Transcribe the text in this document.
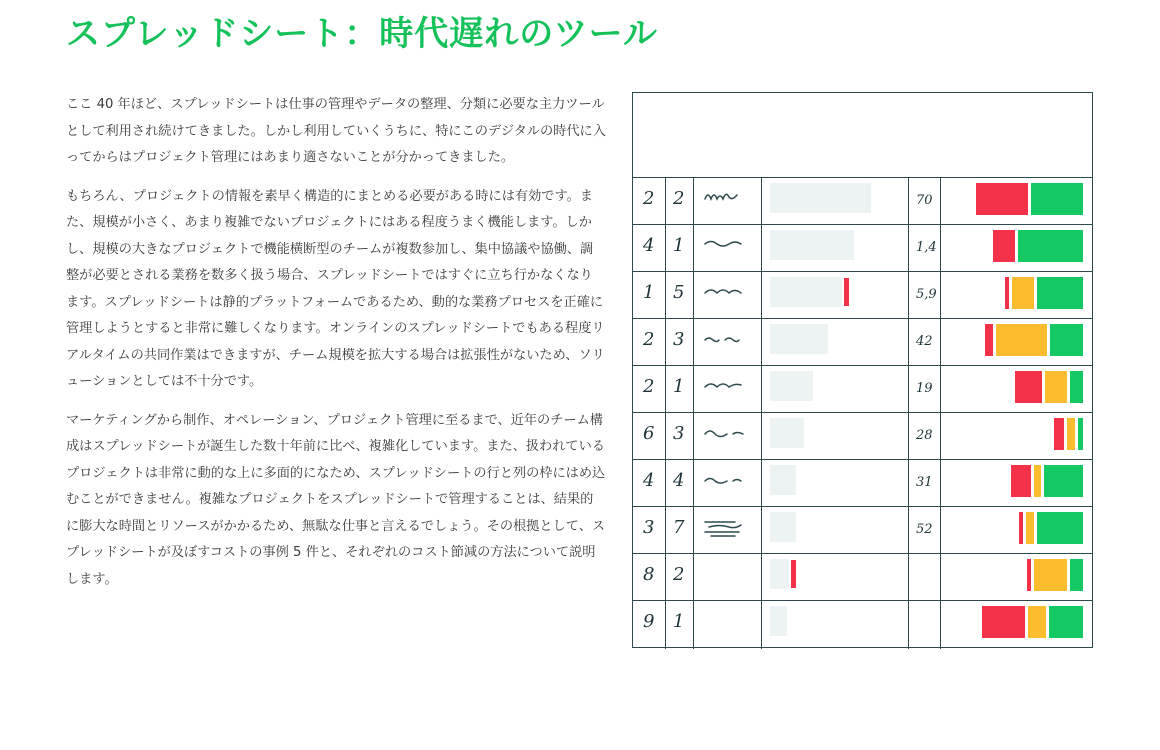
スプレッドシート：時代遅れのツール

ここ 40 年ほど、スプレッドシートは仕事の管理やデータの整理、分類に必要な主力ツールとして利用され続けてきました。しかし利用していくうちに、特にこのデジタルの時代に入ってからはプロジェクト管理にはあまり適さないことが分かってきました。

もちろん、プロジェクトの情報を素早く構造的にまとめる必要がある時には有効です。また、規模が小さく、あまり複雑でないプロジェクトにはある程度うまく機能します。しかし、規模の大きなプロジェクトで機能横断型のチームが複数参加し、集中協議や協働、調整が必要とされる業務を数多く扱う場合、スプレッドシートではすぐに立ち行かなくなります。スプレッドシートは静的プラットフォームであるため、動的な業務プロセスを正確に管理しようとすると非常に難しくなります。オンラインのスプレッドシートでもある程度リアルタイムの共同作業はできますが、チーム規模を拡大する場合は拡張性がないため、ソリューションとしては不十分です。

マーケティングから制作、オペレーション、プロジェクト管理に至るまで、近年のチーム構成はスプレッドシートが誕生した数十年前に比べ、複雑化しています。また、扱われているプロジェクトは非常に動的な上に多面的になため、スプレッドシートの行と列の枠にはめ込むことができません。複雑なプロジェクトをスプレッドシートで管理することは、結果的に膨大な時間とリソースがかかるため、無駄な仕事と言えるでしょう。その根拠として、スプレッドシートが及ぼすコストの事例 5 件と、それぞれのコスト節減の方法について説明します。

2 2	70
4 1	1,4
1 5	5,9
2 3	42
2 1	19
6 3	28
4 4	31
3 7	52
8 2
9 1
